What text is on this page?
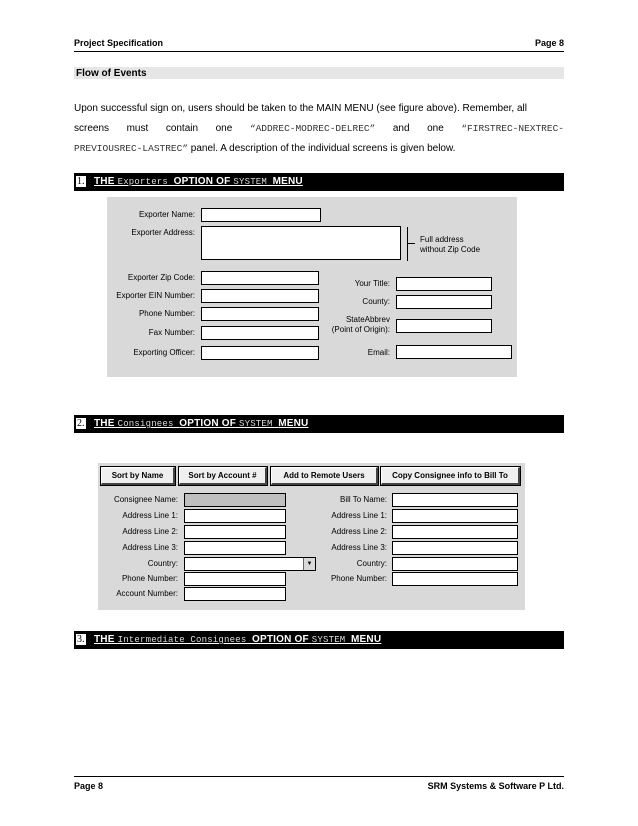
Project Specification	Page 8
Flow of Events
Upon successful sign on, users should be taken to the MAIN MENU (see figure above). Remember, all
screens must contain one “ADDREC-MODREC-DELREC” and one “FIRSTREC-NEXTREC-
PREVIOUSREC-LASTREC” panel. A description of the individual screens is given below.
1. THE Exporters OPTION OF SYSTEM MENU
Exporter Name:
Exporter Address:
Full address
without Zip Code
Exporter Zip Code:
Exporter EIN Number:
Phone Number:
Fax Number:
Exporting Officer:
Your Title:
County:
StateAbbrev
(Point of Origin):
Email:
2. THE Consignees OPTION OF SYSTEM MENU
Sort by Name	Sort by Account #	Add to Remote Users	Copy Consignee info to Bill To
Consignee Name:
Address Line 1:
Address Line 2:
Address Line 3:
Country:	▼
Phone Number:
Account Number:
Bill To Name:
Address Line 1:
Address Line 2:
Address Line 3:
Country:
Phone Number:
3. THE Intermediate Consignees OPTION OF SYSTEM MENU
Page 8	SRM Systems & Software P Ltd.
